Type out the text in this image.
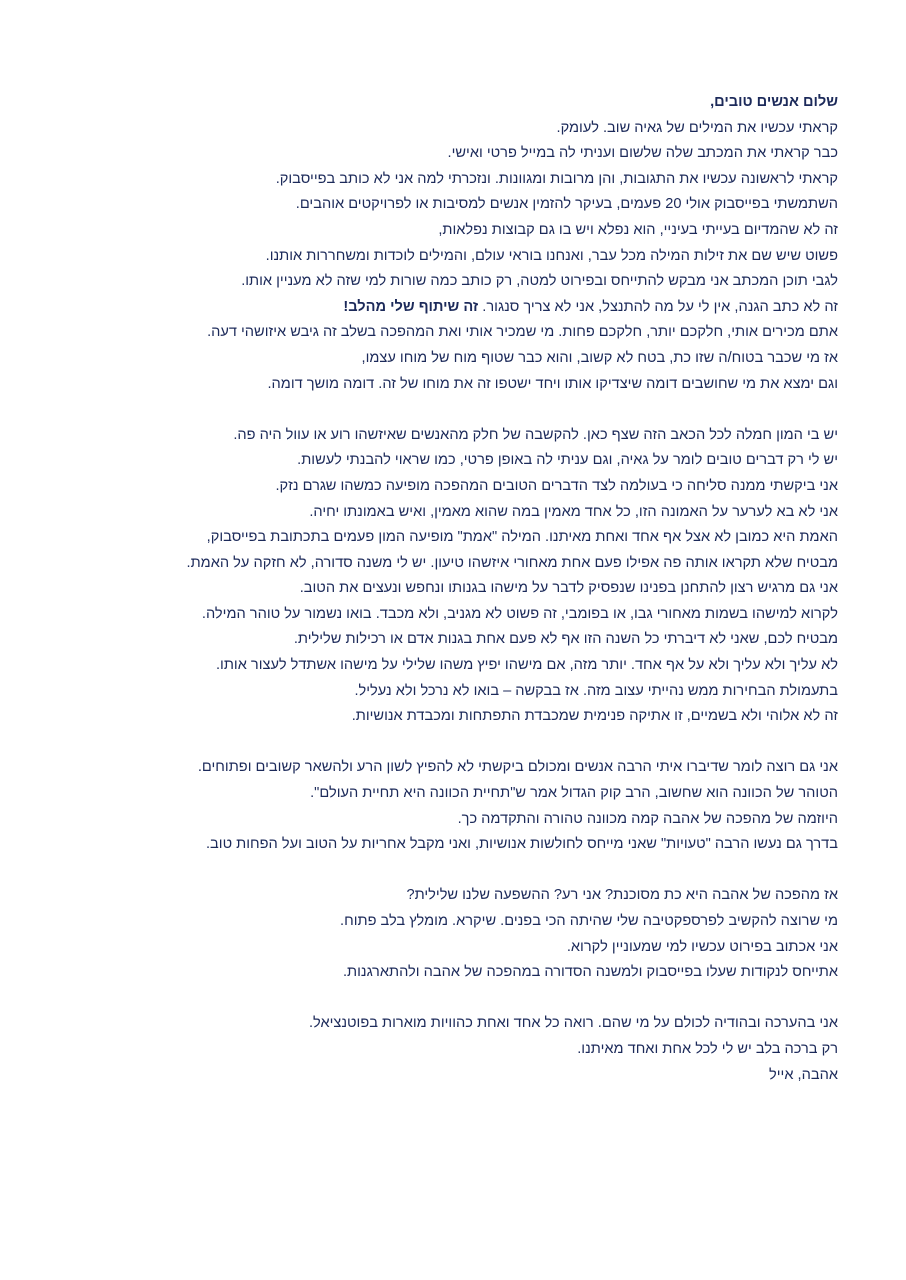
שלום אנשים טובים,
קראתי עכשיו את המילים של גאיה שוב. לעומק.
כבר קראתי את המכתב שלה שלשום ועניתי לה במייל פרטי ואישי.
קראתי לראשונה עכשיו את התגובות, והן מרובות ומגוונות. ונזכרתי למה אני לא כותב בפייסבוק.
השתמשתי בפייסבוק אולי 20 פעמים, בעיקר להזמין אנשים למסיבות או לפרויקטים אוהבים.
זה לא שהמדיום בעייתי בעיניי, הוא נפלא ויש בו גם קבוצות נפלאות,
פשוט שיש שם את זילות המילה מכל עבר, ואנחנו בוראי עולם, והמילים לוכדות ומשחררות אותנו.
לגבי תוכן המכתב אני מבקש להתייחס ובפירוט למטה, רק כותב כמה שורות למי שזה לא מעניין אותו.
זה לא כתב הגנה, אין לי על מה להתנצל, אני לא צריך סנגור. זה שיתוף שלי מהלב!
אתם מכירים אותי, חלקכם יותר, חלקכם פחות. מי שמכיר אותי ואת המהפכה בשלב זה גיבש איזושהי דעה.
אז מי שכבר בטוח/ה שזו כת, בטח לא קשוב, והוא כבר שטוף מוח של מוחו עצמו,
וגם ימצא את מי שחושבים דומה שיצדיקו אותו ויחד ישטפו זה את מוחו של זה. דומה מושך דומה.
יש בי המון חמלה לכל הכאב הזה שצף כאן. להקשבה של חלק מהאנשים שאיזשהו רוע או עוול היה פה.
יש לי רק דברים טובים לומר על גאיה, וגם עניתי לה באופן פרטי, כמו שראוי להבנתי לעשות.
אני ביקשתי ממנה סליחה כי בעולמה לצד הדברים הטובים המהפכה מופיעה כמשהו שגרם נזק.
אני לא בא לערער על האמונה הזו, כל אחד מאמין במה שהוא מאמין, ואיש באמונתו יחיה.
האמת היא כמובן לא אצל אף אחד ואחת מאיתנו. המילה "אמת" מופיעה המון פעמים בתכתובת בפייסבוק,
מבטיח שלא תקראו אותה פה אפילו פעם אחת מאחורי איזשהו טיעון. יש לי משנה סדורה, לא חזקה על האמת.
אני גם מרגיש רצון להתחנן בפנינו שנפסיק לדבר על מישהו בגנותו ונחפש ונעצים את הטוב.
לקרוא למישהו בשמות מאחורי גבו, או בפומבי, זה פשוט לא מגניב, ולא מכבד. בואו נשמור על טוהר המילה.
מבטיח לכם, שאני לא דיברתי כל השנה הזו אף לא פעם אחת בגנות אדם או רכילות שלילית.
לא עליך ולא עליך ולא על אף אחד. יותר מזה, אם מישהו יפיץ משהו שלילי על מישהו אשתדל לעצור אותו.
בתעמולת הבחירות ממש נהייתי עצוב מזה. אז בבקשה – בואו לא נרכל ולא נעליל.
זה לא אלוהי ולא בשמיים, זו אתיקה פנימית שמכבדת התפתחות ומכבדת אנושיות.
אני גם רוצה לומר שדיברו איתי הרבה אנשים ומכולם ביקשתי לא להפיץ לשון הרע ולהשאר קשובים ופתוחים.
הטוהר של הכוונה הוא שחשוב, הרב קוק הגדול אמר ש"תחיית הכוונה היא תחיית העולם".
היוזמה של מהפכה של אהבה קמה מכוונה טהורה והתקדמה כך.
בדרך גם נעשו הרבה "טעויות" שאני מייחס לחולשות אנושיות, ואני מקבל אחריות על הטוב ועל הפחות טוב.
אז מהפכה של אהבה היא כת מסוכנת? אני רע? ההשפעה שלנו שלילית?
מי שרוצה להקשיב לפרספקטיבה שלי שהיתה הכי בפנים. שיקרא. מומלץ בלב פתוח.
אני אכתוב בפירוט עכשיו למי שמעוניין לקרוא.
אתייחס לנקודות שעלו בפייסבוק ולמשנה הסדורה במהפכה של אהבה ולהתארגנות.
אני בהערכה ובהודיה לכולם על מי שהם. רואה כל אחד ואחת כהוויות מוארות בפוטנציאל.
רק ברכה בלב יש לי לכל אחת ואחד מאיתנו.
אהבה, אייל
